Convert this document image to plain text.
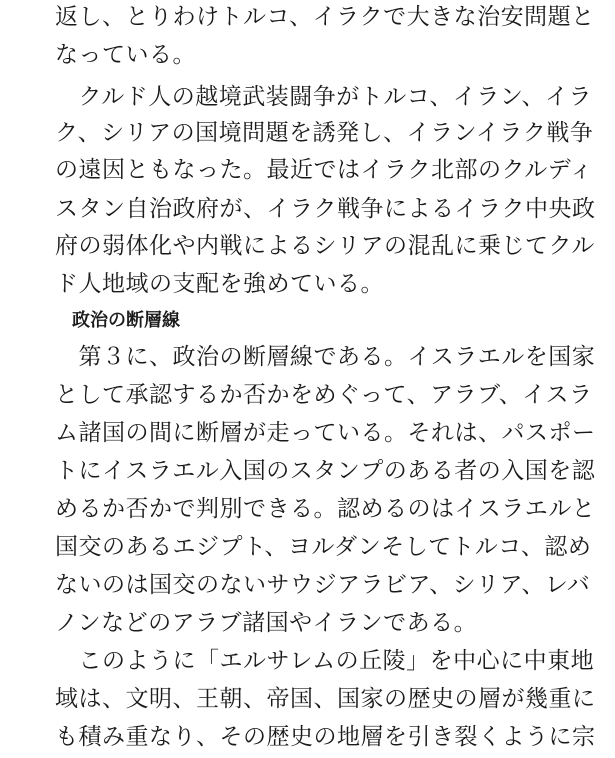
返し、とりわけトルコ、イラクで大きな治安問題と
なっている。
　クルド人の越境武装闘争がトルコ、イラン、イラ
ク、シリアの国境問題を誘発し、イランイラク戦争
の遠因ともなった。最近ではイラク北部のクルディ
スタン自治政府が、イラク戦争によるイラク中央政
府の弱体化や内戦によるシリアの混乱に乗じてクル
ド人地域の支配を強めている。
政治の断層線
　第３に、政治の断層線である。イスラエルを国家
として承認するか否かをめぐって、アラブ、イスラ
ム諸国の間に断層が走っている。それは、パスポー
トにイスラエル入国のスタンプのある者の入国を認
めるか否かで判別できる。認めるのはイスラエルと
国交のあるエジプト、ヨルダンそしてトルコ、認め
ないのは国交のないサウジアラビア、シリア、レバ
ノンなどのアラブ諸国やイランである。
　このように「エルサレムの丘陵」を中心に中東地
域は、文明、王朝、帝国、国家の歴史の層が幾重に
も積み重なり、その歴史の地層を引き裂くように宗
